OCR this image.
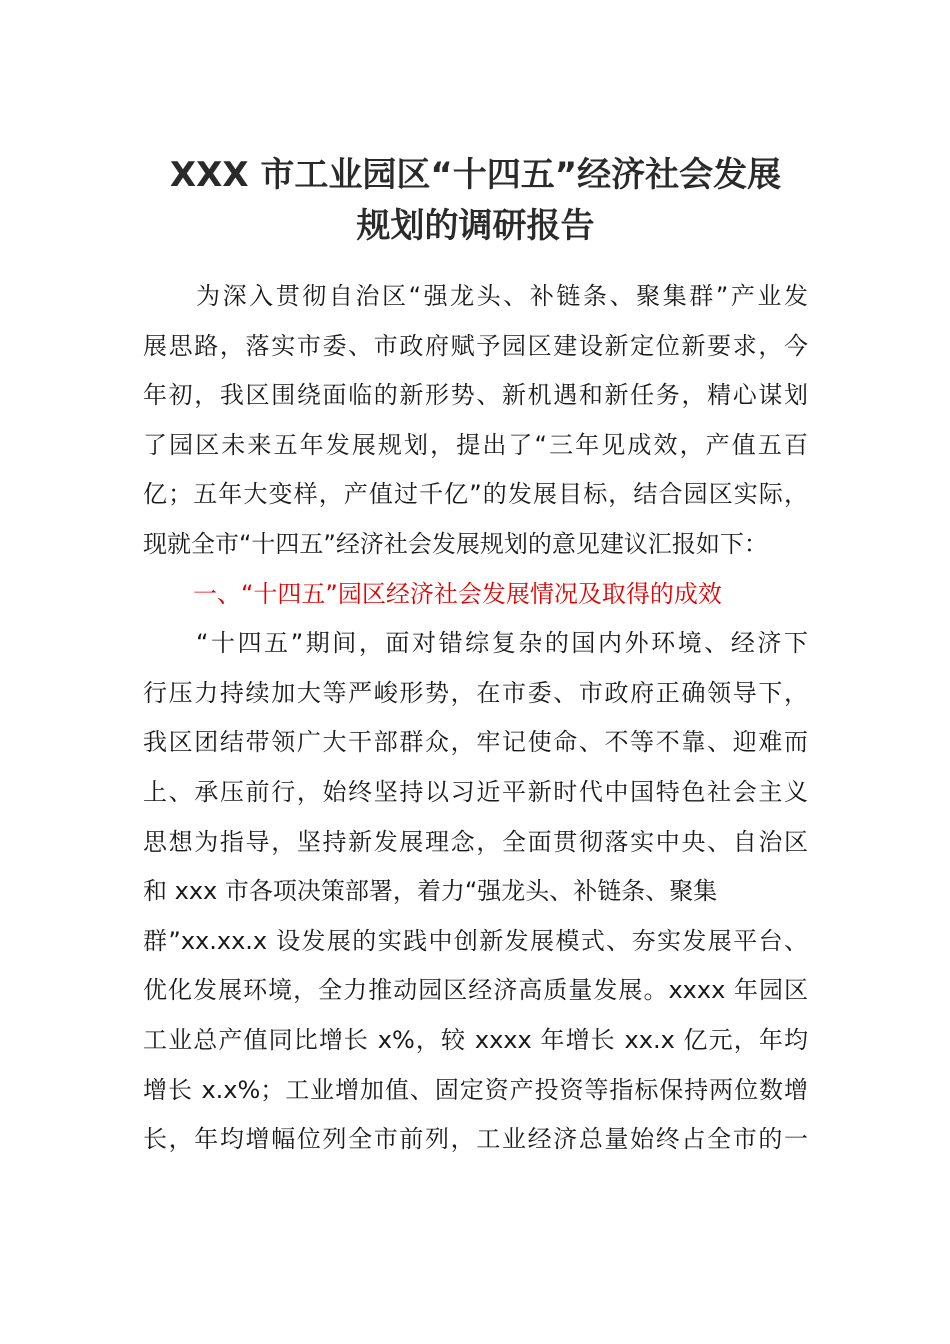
XXX 市工业园区“十四五”经济社会发展
规划的调研报告
为深入贯彻自治区“强龙头、补链条、聚集群”产业发
展思路，落实市委、市政府赋予园区建设新定位新要求，今
年初，我区围绕面临的新形势、新机遇和新任务，精心谋划
了园区未来五年发展规划，提出了“三年见成效，产值五百
亿；五年大变样，产值过千亿”的发展目标，结合园区实际，
现就全市“十四五”经济社会发展规划的意见建议汇报如下：
一、“十四五”园区经济社会发展情况及取得的成效
“十四五”期间，面对错综复杂的国内外环境、经济下
行压力持续加大等严峻形势，在市委、市政府正确领导下，
我区团结带领广大干部群众，牢记使命、不等不靠、迎难而
上、承压前行，始终坚持以习近平新时代中国特色社会主义
思想为指导，坚持新发展理念，全面贯彻落实中央、自治区
和 xxx 市各项决策部署，着力“强龙头、补链条、聚集
群”xx.xx.x 设发展的实践中创新发展模式、夯实发展平台、
优化发展环境，全力推动园区经济高质量发展。xxxx 年园区
工业总产值同比增长 x%，较 xxxx 年增长 xx.x 亿元，年均
增长 x.x%；工业增加值、固定资产投资等指标保持两位数增
长，年均增幅位列全市前列，工业经济总量始终占全市的一
